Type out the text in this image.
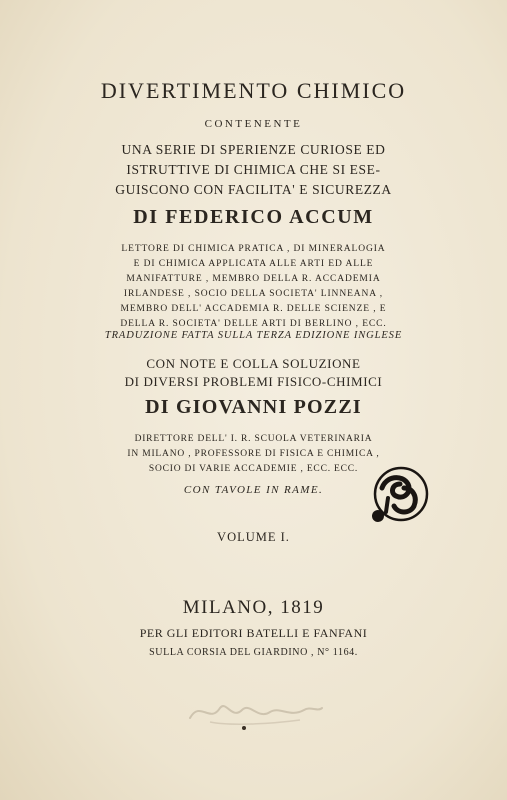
DIVERTIMENTO CHIMICO
CONTENENTE
UNA SERIE DI SPERIENZE CURIOSE ED
ISTRUTTIVE DI CHIMICA CHE SI ESE-
GUISCONO CON FACILITA' E SICUREZZA
DI FEDERICO ACCUM
LETTORE DI CHIMICA PRATICA , DI MINERALOGIA
E DI CHIMICA APPLICATA ALLE ARTI ED ALLE
MANIFATTURE , MEMBRO DELLA R. ACCADEMIA
IRLANDESE , SOCIO DELLA SOCIETA' LINNEANA ,
MEMBRO DELL' ACCADEMIA R. DELLE SCIENZE , E
DELLA R. SOCIETA' DELLE ARTI DI BERLINO , ECC.
TRADUZIONE FATTA SULLA TERZA EDIZIONE INGLESE
CON NOTE E COLLA SOLUZIONE
DI DIVERSI PROBLEMI FISICO-CHIMICI
DI GIOVANNI POZZI
DIRETTORE DELL' I. R. SCUOLA VETERINARIA
IN MILANO , PROFESSORE DI FISICA E CHIMICA ,
SOCIO DI VARIE ACCADEMIE , ECC. ECC.
CON TAVOLE IN RAME.
VOLUME I.
MILANO, 1819
PER GLI EDITORI BATELLI E FANFANI
SULLA CORSIA DEL GIARDINO , N° 1164.
